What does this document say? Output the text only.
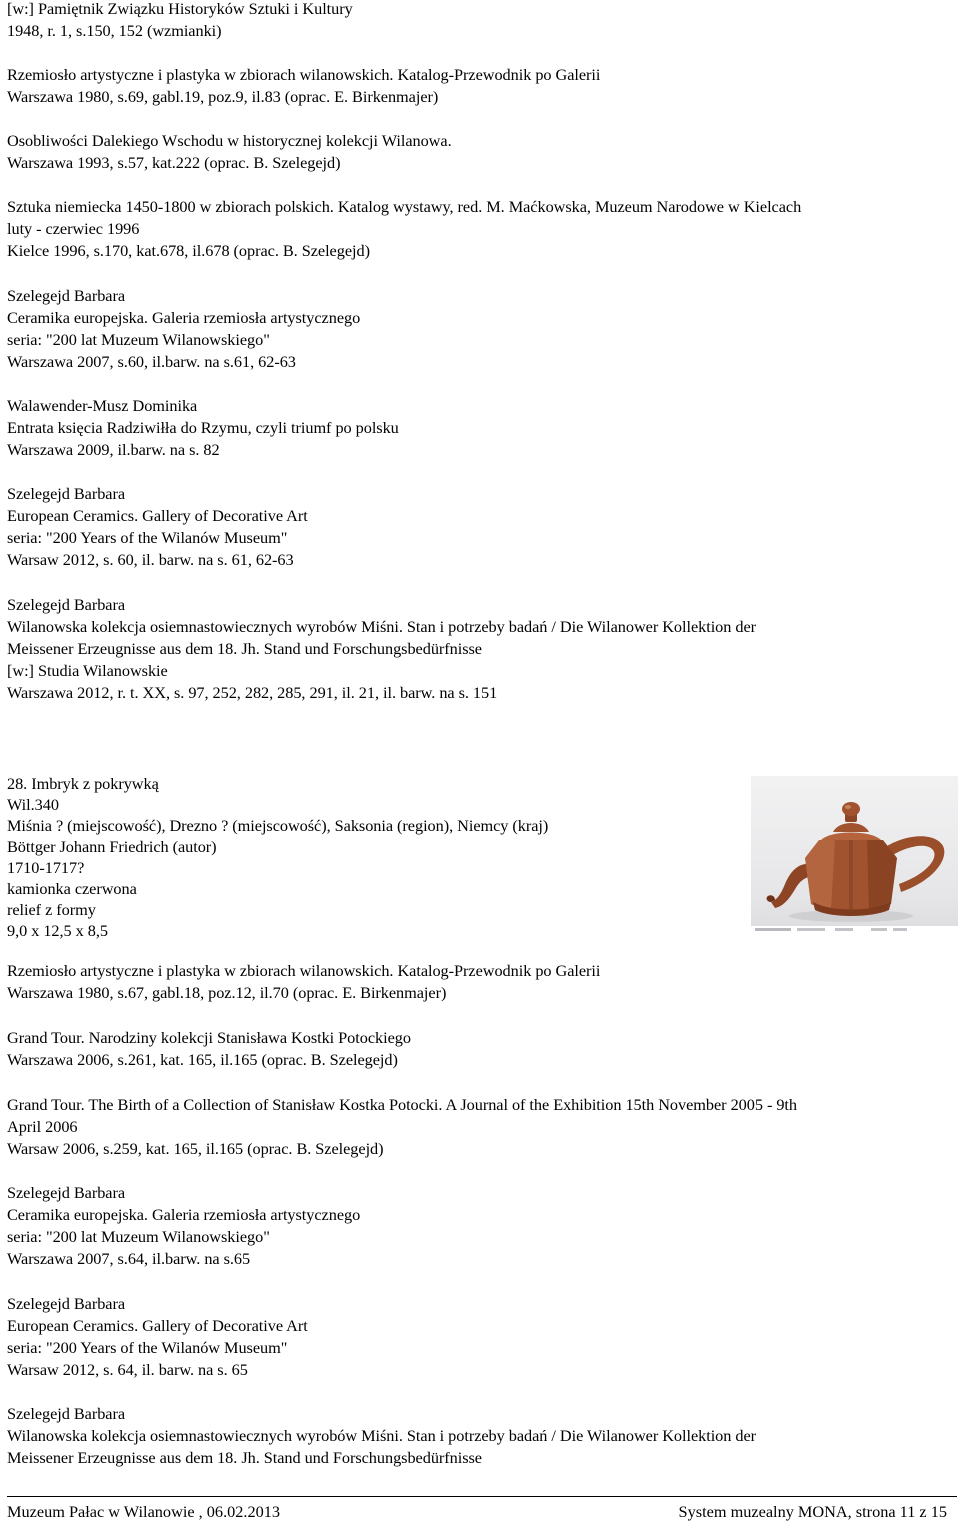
[w:] Pamiętnik Związku Historyków Sztuki i Kultury
1948, r. 1, s.150, 152 (wzmianki)
Rzemiosło artystyczne i plastyka w zbiorach wilanowskich. Katalog-Przewodnik po Galerii
Warszawa 1980, s.69, gabl.19, poz.9, il.83 (oprac. E. Birkenmajer)
Osobliwości Dalekiego Wschodu w historycznej kolekcji Wilanowa.
Warszawa 1993, s.57, kat.222 (oprac. B. Szelegejd)
Sztuka niemiecka 1450-1800 w zbiorach polskich. Katalog wystawy, red. M. Maćkowska, Muzeum Narodowe w Kielcach
luty - czerwiec 1996
Kielce 1996, s.170, kat.678, il.678 (oprac. B. Szelegejd)
Szelegejd Barbara
Ceramika europejska. Galeria rzemiosła artystycznego
seria: "200 lat Muzeum Wilanowskiego"
Warszawa 2007, s.60, il.barw. na s.61, 62-63
Walawender-Musz Dominika
Entrata księcia Radziwiłła do Rzymu, czyli triumf po polsku
Warszawa 2009, il.barw. na s. 82
Szelegejd Barbara
European Ceramics. Gallery of Decorative Art
seria: "200 Years of the Wilanów Museum"
Warsaw 2012, s. 60, il. barw. na s. 61, 62-63
Szelegejd Barbara
Wilanowska kolekcja osiemnastowiecznych wyrobów Miśni. Stan i potrzeby badań / Die Wilanower Kollektion der
Meissener Erzeugnisse aus dem 18. Jh. Stand und Forschungsbedürfnisse
[w:] Studia Wilanowskie
Warszawa 2012, r. t. XX, s. 97, 252, 282, 285, 291, il. 21, il. barw. na s. 151
28. Imbryk z pokrywką
Wil.340
Miśnia ? (miejscowość), Drezno ? (miejscowość), Saksonia (region), Niemcy (kraj)
Böttger Johann Friedrich (autor)
1710-1717?
kamionka czerwona
relief z formy
9,0 x 12,5 x 8,5
Rzemiosło artystyczne i plastyka w zbiorach wilanowskich. Katalog-Przewodnik po Galerii
Warszawa 1980, s.67, gabl.18, poz.12, il.70 (oprac. E. Birkenmajer)
Grand Tour. Narodziny kolekcji Stanisława Kostki Potockiego
Warszawa 2006, s.261, kat. 165, il.165 (oprac. B. Szelegejd)
Grand Tour. The Birth of a Collection of Stanisław Kostka Potocki. A Journal of the Exhibition 15th November 2005 - 9th
April 2006
Warsaw 2006, s.259, kat. 165, il.165 (oprac. B. Szelegejd)
Szelegejd Barbara
Ceramika europejska. Galeria rzemiosła artystycznego
seria: "200 lat Muzeum Wilanowskiego"
Warszawa 2007, s.64, il.barw. na s.65
Szelegejd Barbara
European Ceramics. Gallery of Decorative Art
seria: "200 Years of the Wilanów Museum"
Warsaw 2012, s. 64, il. barw. na s. 65
Szelegejd Barbara
Wilanowska kolekcja osiemnastowiecznych wyrobów Miśni. Stan i potrzeby badań / Die Wilanower Kollektion der
Meissener Erzeugnisse aus dem 18. Jh. Stand und Forschungsbedürfnisse
Muzeum Pałac w Wilanowie , 06.02.2013	System muzealny MONA, strona 11 z 15
